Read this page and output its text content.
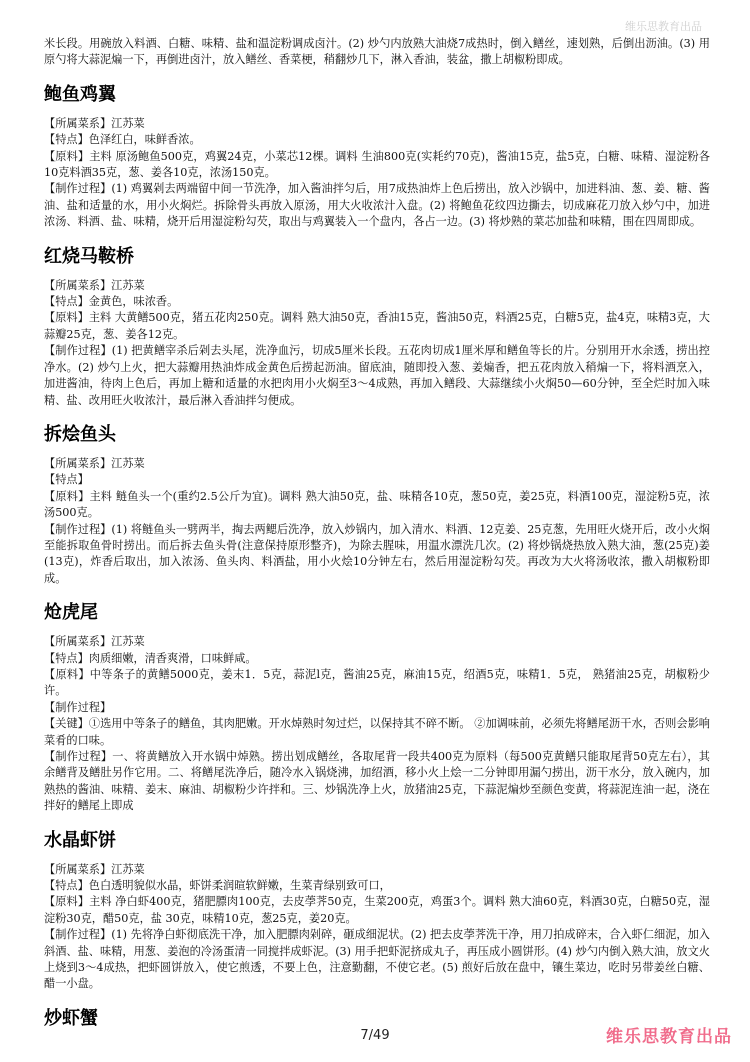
维乐思教育出品

米长段。用碗放入料酒、白糖、味精、盐和温淀粉调成卤汁。(2) 炒勺内放熟大油烧7成热时，倒入鳝丝，速划熟，后倒出沥油。(3) 用原勺将大蒜泥煸一下，再倒进卤汁，放入鳝丝、香菜梗，稍翻炒几下，淋入香油，装盆，撒上胡椒粉即成。

鲍鱼鸡翼

【所属菜系】江苏菜

【特点】色泽红白，味鲜香浓。

【原料】主料 原汤鲍鱼500克，鸡翼24克，小菜芯12棵。调料 生油800克(实耗约70克)，酱油15克，盐5克，白糖、味精、湿淀粉各10克料酒35克，葱、姜各10克，浓汤150克。

【制作过程】(1) 鸡翼剁去两端留中间一节洗净，加入酱油拌匀后，用7成热油炸上色后捞出，放入沙锅中，加进料油、葱、姜、糖、酱油、盐和适量的水，用小火焖烂。拆除骨头再放入原汤，用大火收浓汁入盘。(2) 将鲍鱼花纹四边撕去，切成麻花刀放入炒勺中，加进浓汤、料酒、盐、味精，烧开后用湿淀粉勾芡，取出与鸡翼装入一个盘内，各占一边。(3) 将炒熟的菜芯加盐和味精，围在四周即成。

红烧马鞍桥

【所属菜系】江苏菜

【特点】金黄色，味浓香。

【原料】主料 大黄鳝500克，猪五花肉250克。调料 熟大油50克，香油15克，酱油50克，料酒25克，白糖5克，盐4克，味精3克，大蒜瓣25克，葱、姜各12克。

【制作过程】(1) 把黄鳝宰杀后剁去头尾，洗净血污，切成5厘米长段。五花肉切成1厘米厚和鳝鱼等长的片。分别用开水余透，捞出控净水。(2) 炒勺上火，把大蒜瓣用热油炸成金黄色后捞起沥油。留底油，随即投入葱、姜煸香，把五花肉放入稍煸一下，将料酒烹入，加进酱油，待肉上色后，再加上糖和适量的水把肉用小火焖至3～4成熟，再加入鳝段、大蒜继续小火焖50—60分钟，至全烂时加入味精、盐、改用旺火收浓汁，最后淋入香油拌匀便成。

拆烩鱼头

【所属菜系】江苏菜

【特点】

【原料】主料 鲢鱼头一个(重约2.5公斤为宜)。调料 熟大油50克，盐、味精各10克，葱50克，姜25克，料酒100克，湿淀粉5克，浓汤500克。

【制作过程】(1) 将鲢鱼头一劈两半，掏去两鳃后洗净，放入炒锅内，加入清水、料酒、12克姜、25克葱，先用旺火烧开后，改小火焖至能拆取鱼骨时捞出。而后拆去鱼头骨(注意保持原形整齐)，为除去腥味，用温水漂洗几次。(2) 将炒锅烧热放入熟大油，葱(25克)姜(13克)，炸香后取出，加入浓汤、鱼头肉、料酒盐，用小火烩10分钟左右，然后用湿淀粉勾芡。再改为大火将汤收浓，撒入胡椒粉即成。

炝虎尾

【所属菜系】江苏菜

【特点】肉质细嫩，清香爽滑，口味鲜咸。

【原料】中等条子的黄鳝5000克，姜末1．5克，蒜泥l克，酱油25克，麻油15克，绍酒5克，味精1．5克， 熟猪油25克，胡椒粉少许。

【制作过程】

【关键】①选用中等条子的鳝鱼，其肉肥嫩。开水焯熟时匆过烂，以保持其不碎不断。 ②加调味前，必须先将鳝尾沥干水，否则会影响菜肴的口味。

【制作过程】一、将黄鳝放入开水锅中焯熟。捞出划成鳝丝，各取尾背一段共400克为原料（每500克黄鳝只能取尾背50克左右），其余鳝背及鳝肚另作它用。二、将鳝尾洗净后，随冷水入锅烧沸，加绍酒，移小火上烩一二分钟即用漏勺捞出，沥干水分，放入碗内，加熟热的酱油、味精、姜末、麻油、胡椒粉少许拌和。三、炒锅洗净上火，放猪油25克，下蒜泥煸炒至颜色变黄，将蒜泥连油一起，浇在拌好的鳝尾上即成

水晶虾饼

【所属菜系】江苏菜

【特点】色白透明貌似水晶，虾饼柔润暄软鲜嫩，生菜青绿别致可口，

【原料】主料 净白虾400克，猪肥膘肉100克，去皮荸荠50克，生菜200克，鸡蛋3个。调料 熟大油60克，料酒30克，白糖50克，湿淀粉30克，醋50克，盐 30克，味精10克，葱25克，姜20克。

【制作过程】(1) 先将净白虾彻底洗干净，加入肥膘肉剁碎，砸成细泥状。(2) 把去皮荸荠洗干净，用刀拍成碎末，合入虾仁细泥，加入斜酒、盐、味精，用葱、姜泡的冷汤蛋清一同搅拌成虾泥。(3) 用手把虾泥挤成丸子，再压成小圆饼形。(4) 炒勺内倒入熟大油，放文火上烧到3～4成热，把虾圆饼放入，使它煎透，不要上色，注意勤翻，不使它老。(5) 煎好后放在盘中，镶生菜边，吃时另带姜丝白糖、醋一小盘。

炒虾蟹
7/49	维乐思教育出品
